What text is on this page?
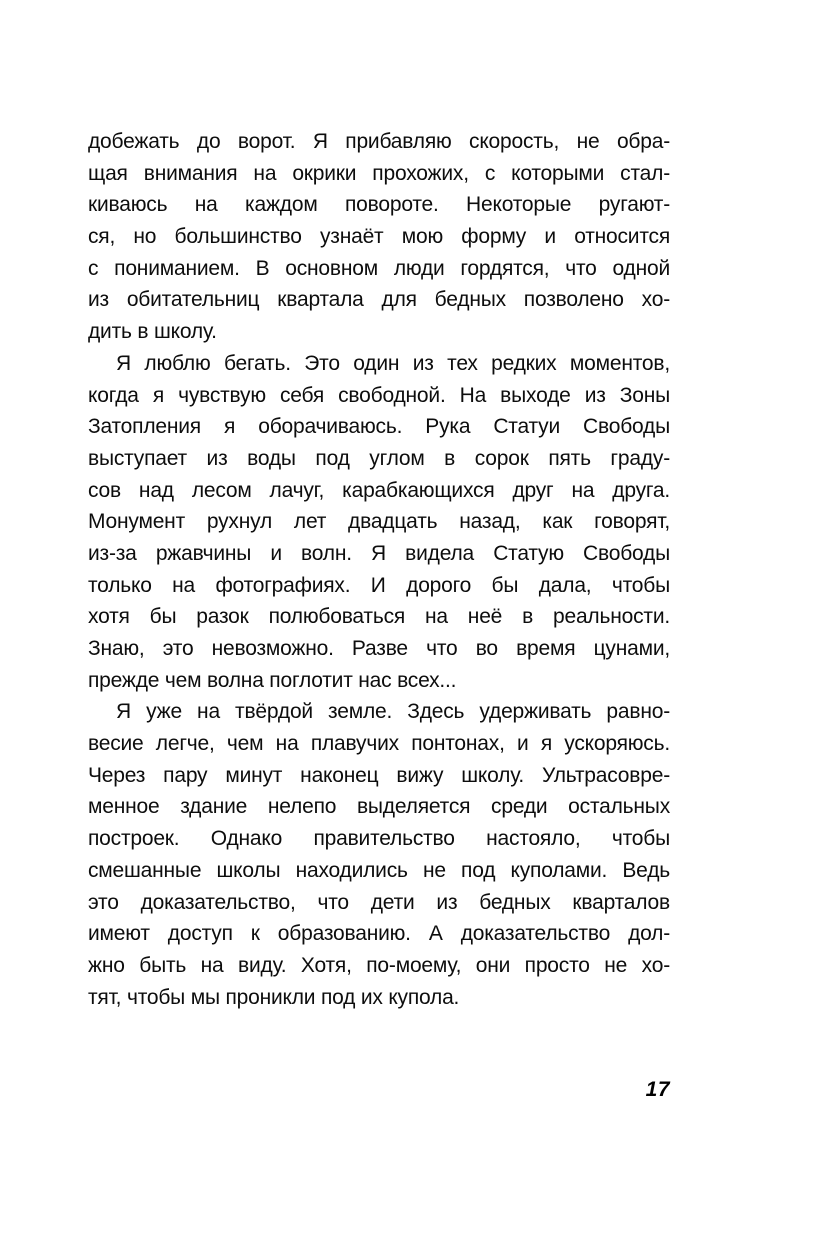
добежать до ворот. Я прибавляю скорость, не обра-
щая внимания на окрики прохожих, с которыми стал-
киваюсь на каждом повороте. Некоторые ругают-
ся, но большинство узнаёт мою форму и относится
с пониманием. В основном люди гордятся, что одной
из обитательниц квартала для бедных позволено хо-
дить в школу.
Я люблю бегать. Это один из тех редких моментов,
когда я чувствую себя свободной. На выходе из Зоны
Затопления я оборачиваюсь. Рука Статуи Свободы
выступает из воды под углом в сорок пять граду-
сов над лесом лачуг, карабкающихся друг на друга.
Монумент рухнул лет двадцать назад, как говорят,
из-за ржавчины и волн. Я видела Статую Свободы
только на фотографиях. И дорого бы дала, чтобы
хотя бы разок полюбоваться на неё в реальности.
Знаю, это невозможно. Разве что во время цунами,
прежде чем волна поглотит нас всех...
Я уже на твёрдой земле. Здесь удерживать равно-
весие легче, чем на плавучих понтонах, и я ускоряюсь.
Через пару минут наконец вижу школу. Ультрасовре-
менное здание нелепо выделяется среди остальных
построек. Однако правительство настояло, чтобы
смешанные школы находились не под куполами. Ведь
это доказательство, что дети из бедных кварталов
имеют доступ к образованию. А доказательство дол-
жно быть на виду. Хотя, по-моему, они просто не хо-
тят, чтобы мы проникли под их купола.
17
